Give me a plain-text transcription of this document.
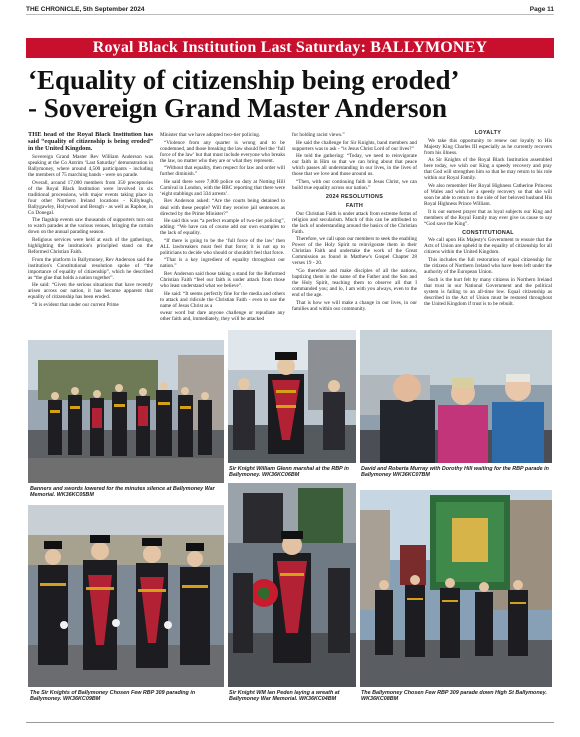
THE CHRONICLE, 5th September 2024	Page 11
Royal Black Institution Last Saturday: BALLYMONEY
‘Equality of citizenship being eroded’
- Sovereign Grand Master Anderson

THE head of the Royal Black Institution has said “equality of citizenship is being eroded” in the United Kingdom.

Sovereign Grand Master Rev William Anderson was speaking at the Co Antrim ‘Last Saturday’ demonstration in Ballymoney, where around 4,500 participants - including the members of 75 marching bands - were on parade.

Overall, around 17,000 members from 350 preceptories of the Royal Black Institution were involved in six traditional processions, with major events taking place in four other Northern Ireland locations - Killyleagh, Ballygawley, Holywood and Beragh - as well as Raphoe, in Co Donegal.

The flagship events saw thousands of supporters turn out to watch parades at the various venues, bringing the curtain down on the annual parading season.

Religious services were held at each of the gatherings, highlighting the institution's principled stand on the Reformed Christian Faith.

From the platform in Ballymoney, Rev Anderson said the institution's Constitutional resolution spoke of “the importance of equality of citizenship”, which he described as “the glue that holds a nation together”.

He said: “Given the serious situations that have recently arisen across our nation, it has become apparent that equality of citizenship has been eroded.

“It is evident that under our current Prime

Minister that we have adopted two-tier policing.

“Violence from any quarter is wrong and to be condemned, and those breaking the law should feel the ‘full force of the law’ but that must include everyone who breaks the law, no matter who they are or what they represent.

“Without that equality, then respect for law and order will further diminish.”

He said there were 7,000 police on duty at Notting Hill Carnival in London, with the BBC reporting that there were ‘eight stabbings and 334 arrests’.

Rev Anderson asked: “Are the courts being detained to deal with these people? Will they receive jail sentences as directed by the Prime Minister?”

He said this was “a perfect example of two-tier policing”, adding: “We have can of course add our own examples to the lack of equality.

“If there is going to be the ‘full force of the law’ then ALL lawbreakers must feel that force; it is not up to politicians to decide who should or shouldn't feel that force.

“That is a key ingredient of equality throughout our nation.”

Rev Anderson said those taking a stand for the Reformed Christian Faith “feel our faith is under attack from those who least understand what we believe”.

He said: “It seems perfectly fine for the media and others to attack and ridicule the Christian Faith - even to use the name of Jesus Christ as a

swear word but dare anyone challenge or repudiate any other faith and, immediately, they will be attacked

for holding racist views.”

He said the challenge for Sir Knights, band members and supporters was to ask - “is Jesus Christ Lord of our lives?”

He told the gathering: “Today, we need to reinvigorate our faith in Him so that we can bring about that peace which passes all understanding in our lives, in the lives of those that we love and those around us.

“Then, with our continuing faith in Jesus Christ, we can build true equality across our nation.”

2024 RESOLUTIONS
FAITH

Our Christian Faith is under attack from extreme forms of religion and secularism. Much of this can be attributed to the lack of understanding around the basics of the Christian Faith.

Therefore, we call upon our members to seek the enabling Power of the Holy Spirit to reinvigorate them in their Christian Faith and undertake the work of the Great Commission as found in Matthew's Gospel Chapter 28 verses 19 - 20.

“Go therefore and make disciples of all the nations, baptizing them in the name of the Father and the Son and the Holy Spirit, teaching them to observe all that I commanded you; and lo, I am with you always, even to the end of the age.

That is how we will make a change in our lives, in our families and within our community.

LOYALTY

We take this opportunity to renew our loyalty to His Majesty King Charles III especially as he currently recovers from his illness.

As Sir Knights of the Royal Black Institution assembled here today, we wish our King a speedy recovery and pray that God will strengthen him so that he may return to his role within our Royal Family.

We also remember Her Royal Highness Catherine Princess of Wales and wish her a speedy recovery so that she will soon be able to return to the side of her beloved husband His Royal Highness Prince William.

It is our earnest prayer that as loyal subjects our King and members of the Royal Family may ever give us cause to say “God save the King”.

CONSTITUTIONAL

We call upon His Majesty's Government to ensure that the Acts of Union are upheld in the equality of citizenship for all citizens within the United Kingdom.

This includes the full restoration of equal citizenship for the citizens of Northern Ireland who have been left under the authority of the European Union.

Such is the hurt felt by many citizens in Northern Ireland that trust in our National Government and the political system is failing to an all-time low. Equal citizenship as described in the Act of Union must be restored throughout the United Kingdom if trust is to be rebuilt.

Banners and swords lowered for the minutes silence at Ballymoney War Memorial. WK36KC05BM
Sir Knight William Glenn marshal at the RBP in Ballymoney. WK36KC06BM
David and Roberta Murray with Dorothy Hill waiting for the RBP parade in Ballymoney WK36KC07BM
The Sir Knights of Ballymoney Chosen Few RBP 309 parading in Ballymoney. WK36KC09BM
Sir Knight WM Ian Peden laying a wreath at Ballymoney War Memorial. WK36KC04BM
The Ballymoney Chosen Few RBP 309 parade down High St Ballymoney. WK36KC08BM
